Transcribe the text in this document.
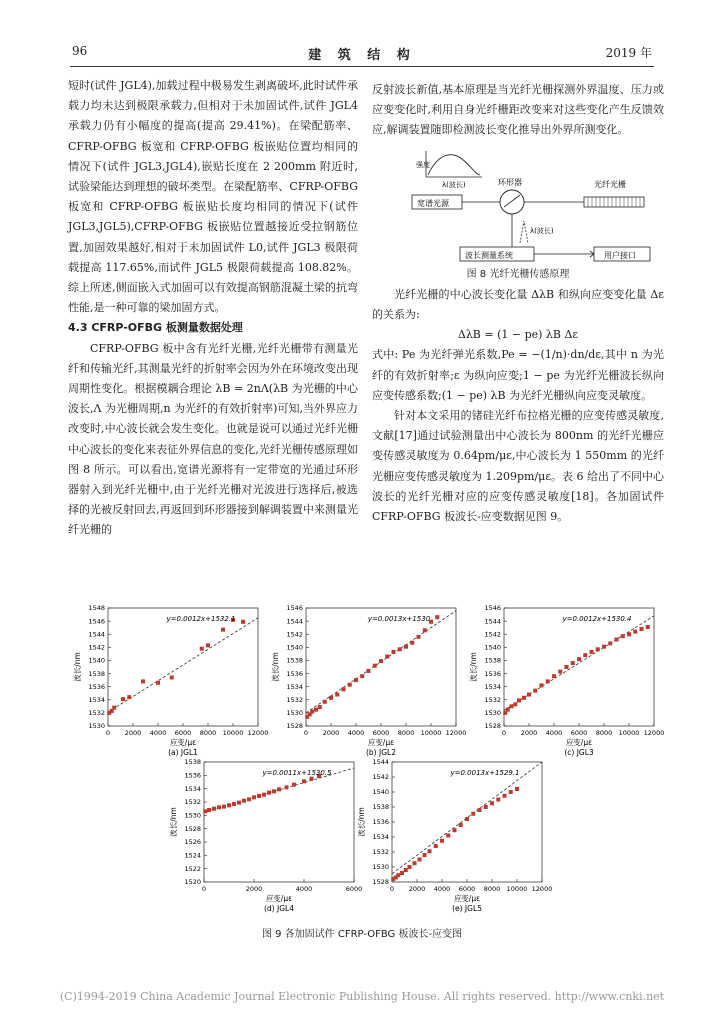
96	建 筑 结 构	2019 年

短时(试件 JGL4),加载过程中极易发生剥离破坏,此时试件承载力均未达到极限承载力,但相对于未加固试件,试件 JGL4 承载力仍有小幅度的提高(提高 29.41%)。在梁配筋率、CFRP-OFBG 板宽和 CFRP-OFBG 板嵌贴位置均相同的情况下(试件 JGL3,JGL4),嵌贴长度在 2 200mm 附近时,试验梁能达到理想的破坏类型。在梁配筋率、CFRP-OFBG 板宽和 CFRP-OFBG 板嵌贴长度均相同的情况下(试件 JGL3,JGL5),CFRP-OFBG 板嵌贴位置越接近受拉钢筋位置,加固效果越好,相对于未加固试件 L0,试件 JGL3 极限荷载提高 117.65%,而试件 JGL5 极限荷载提高 108.82%。综上所述,侧面嵌入式加固可以有效提高钢筋混凝土梁的抗弯性能,是一种可靠的梁加固方式。

4.3 CFRP-OFBG 板测量数据处理

CFRP-OFBG 板中含有光纤光栅,光纤光栅带有测量光纤和传输光纤,其测量光纤的折射率会因为外在环境改变出现周期性变化。根据模耦合理论 λB = 2nΛ(λB 为光栅的中心波长,Λ 为光栅周期,n 为光纤的有效折射率)可知,当外界应力改变时,中心波长就会发生变化。也就是说可以通过光纤光栅中心波长的变化来表征外界信息的变化,光纤光栅传感原理如图 8 所示。可以看出,宽谱光源将有一定带宽的光通过环形器射入到光纤光栅中,由于光纤光栅对光波进行选择后,被选择的光被反射回去,再返回到环形器接到解调装置中来测量光纤光栅的

反射波长新值,基本原理是当光纤光栅探测外界温度、压力或应变变化时,利用自身光纤栅距改变来对这些变化产生反馈效应,解调装置随即检测波长变化推导出外界所测变化。

强度
λ(波长)
宽谱光源
环形器	光纤光栅
λ(波长)
波长测量系统	用户接口

图 8 光纤光栅传感原理

光纤光栅的中心波长变化量 ΔλB 和纵向应变变化量 Δε 的关系为:

ΔλB = (1 − pe) λB Δε

式中: Pe 为光纤弹光系数,Pe = −(1/n)·dn/dε,其中 n 为光纤的有效折射率;ε 为纵向应变;1 − pe 为光纤光栅波长纵向应变传感系数;(1 − pe) λB 为光纤光栅纵向应变灵敏度。

针对本文采用的锗硅光纤布拉格光栅的应变传感灵敏度,文献[17]通过试验测量出中心波长为 800nm 的光纤光栅应变传感灵敏度为 0.64pm/με,中心波长为 1 550mm 的光纤光栅应变传感灵敏度为 1.209pm/με。表 6 给出了不同中心波长的光纤光栅对应的应变传感灵敏度[18]。各加固试件 CFRP-OFBG 板波长-应变数据见图 9。

0 2000 4000 6000 8000 10000 12000
1530
1532
1534
1536
1538
1540
1542
1544
1546
1548
y=0.0012x+1532.1
应变/με
波长/nm
(a) JGL1
0 2000 4000 6000 8000 10000 12000
1528
1530
1532
1534
1536
1538
1540
1542
1544
1546
y=0.0013x+1530
应变/με
波长/nm
(b) JGL2
0 2000 4000 6000 8000 10000 12000
1528
1530
1532
1534
1536
1538
1540
1542
1544
1546
y=0.0012x+1530.4
应变/με
波长/nm
(c) JGL3
0	2000	4000	6000
1520
1522
1524
1526
1528
1530
1532
1534
1536
1538
y=0.0011x+1530.5
应变/με
波长/nm
(d) JGL4
0 2000 4000 6000 8000 10000 12000
1528
1530
1532
1534
1536
1538
1540
1542
1544
y=0.0013x+1529.1
应变/με
波长/nm
(e) JGL5
图 9 各加固试件 CFRP-OFBG 板波长-应变图
(C)1994-2019 China Academic Journal Electronic Publishing House. All rights reserved. http://www.cnki.net
